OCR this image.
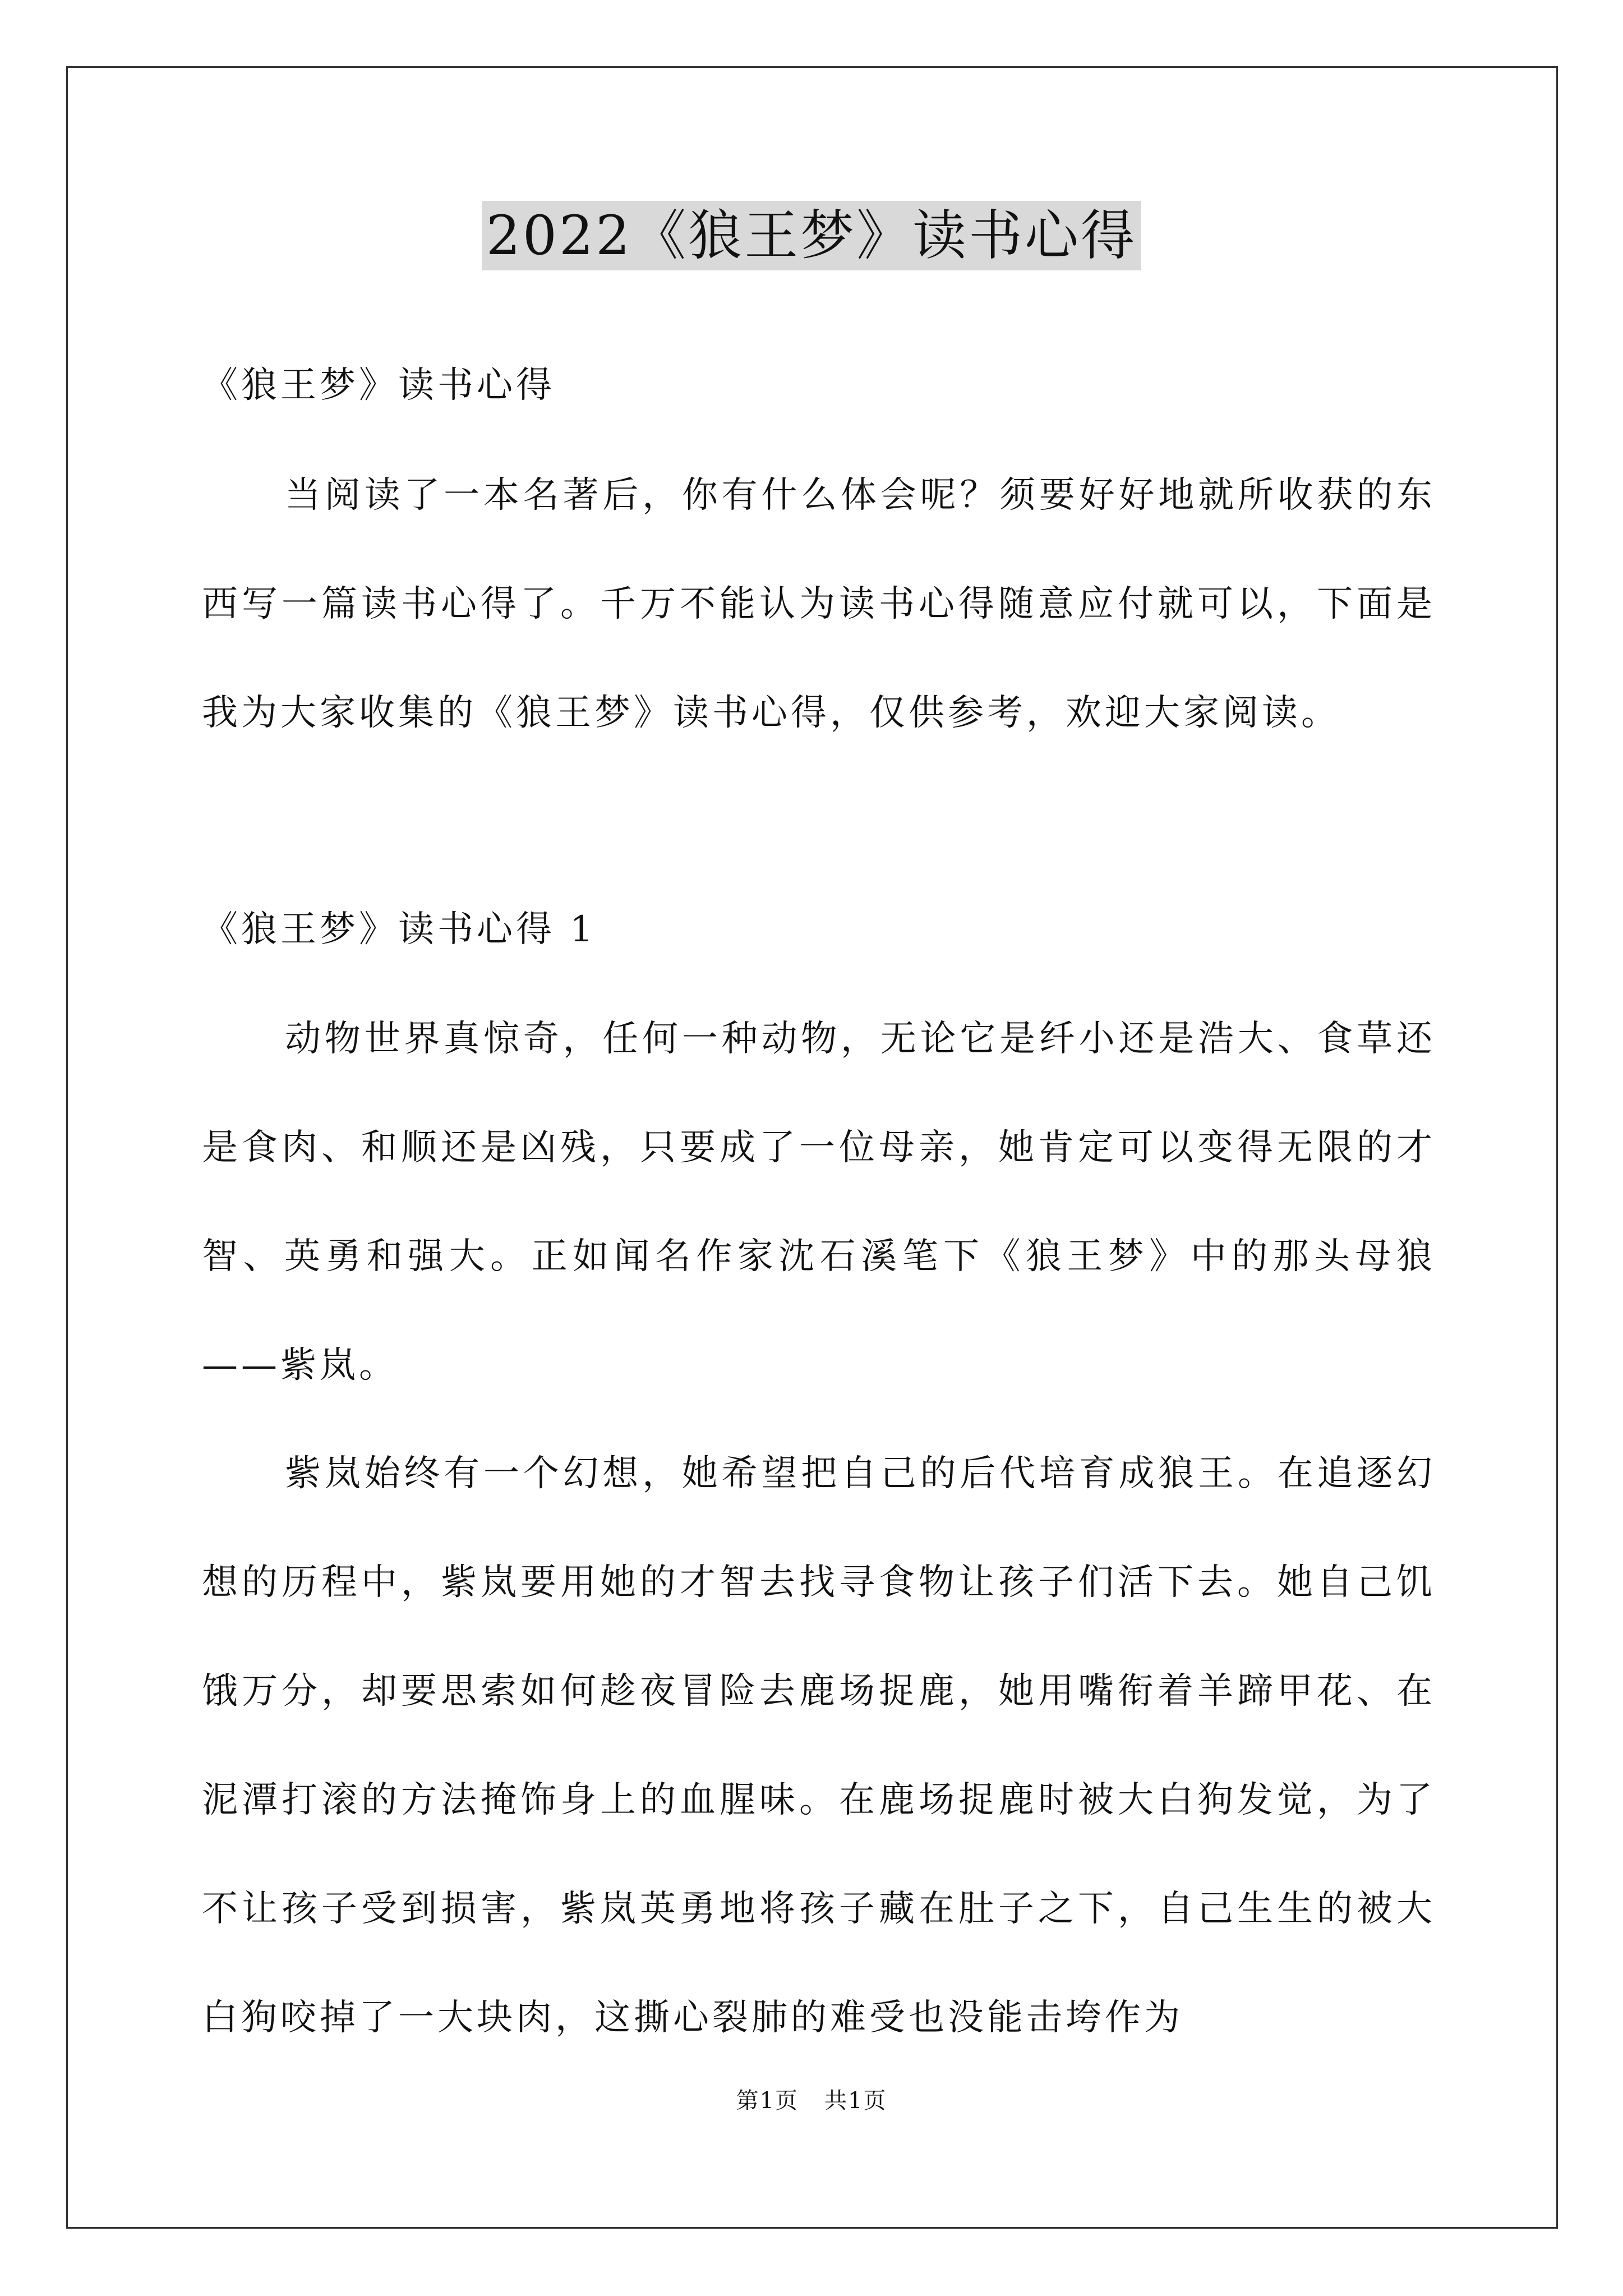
2022《狼王梦》读书心得

《狼王梦》读书心得

当阅读了一本名著后，你有什么体会呢？须要好好地就所收获的东西写一篇读书心得了。千万不能认为读书心得随意应付就可以，下面是我为大家收集的《狼王梦》读书心得，仅供参考，欢迎大家阅读。

《狼王梦》读书心得 1

动物世界真惊奇，任何一种动物，无论它是纤小还是浩大、食草还是食肉、和顺还是凶残，只要成了一位母亲，她肯定可以变得无限的才智、英勇和强大。正如闻名作家沈石溪笔下《狼王梦》中的那头母狼——紫岚。

紫岚始终有一个幻想，她希望把自己的后代培育成狼王。在追逐幻想的历程中，紫岚要用她的才智去找寻食物让孩子们活下去。她自己饥饿万分，却要思索如何趁夜冒险去鹿场捉鹿，她用嘴衔着羊蹄甲花、在泥潭打滚的方法掩饰身上的血腥味。在鹿场捉鹿时被大白狗发觉，为了不让孩子受到损害，紫岚英勇地将孩子藏在肚子之下，自己生生的被大白狗咬掉了一大块肉，这撕心裂肺的难受也没能击垮作为

第1页 共1页
